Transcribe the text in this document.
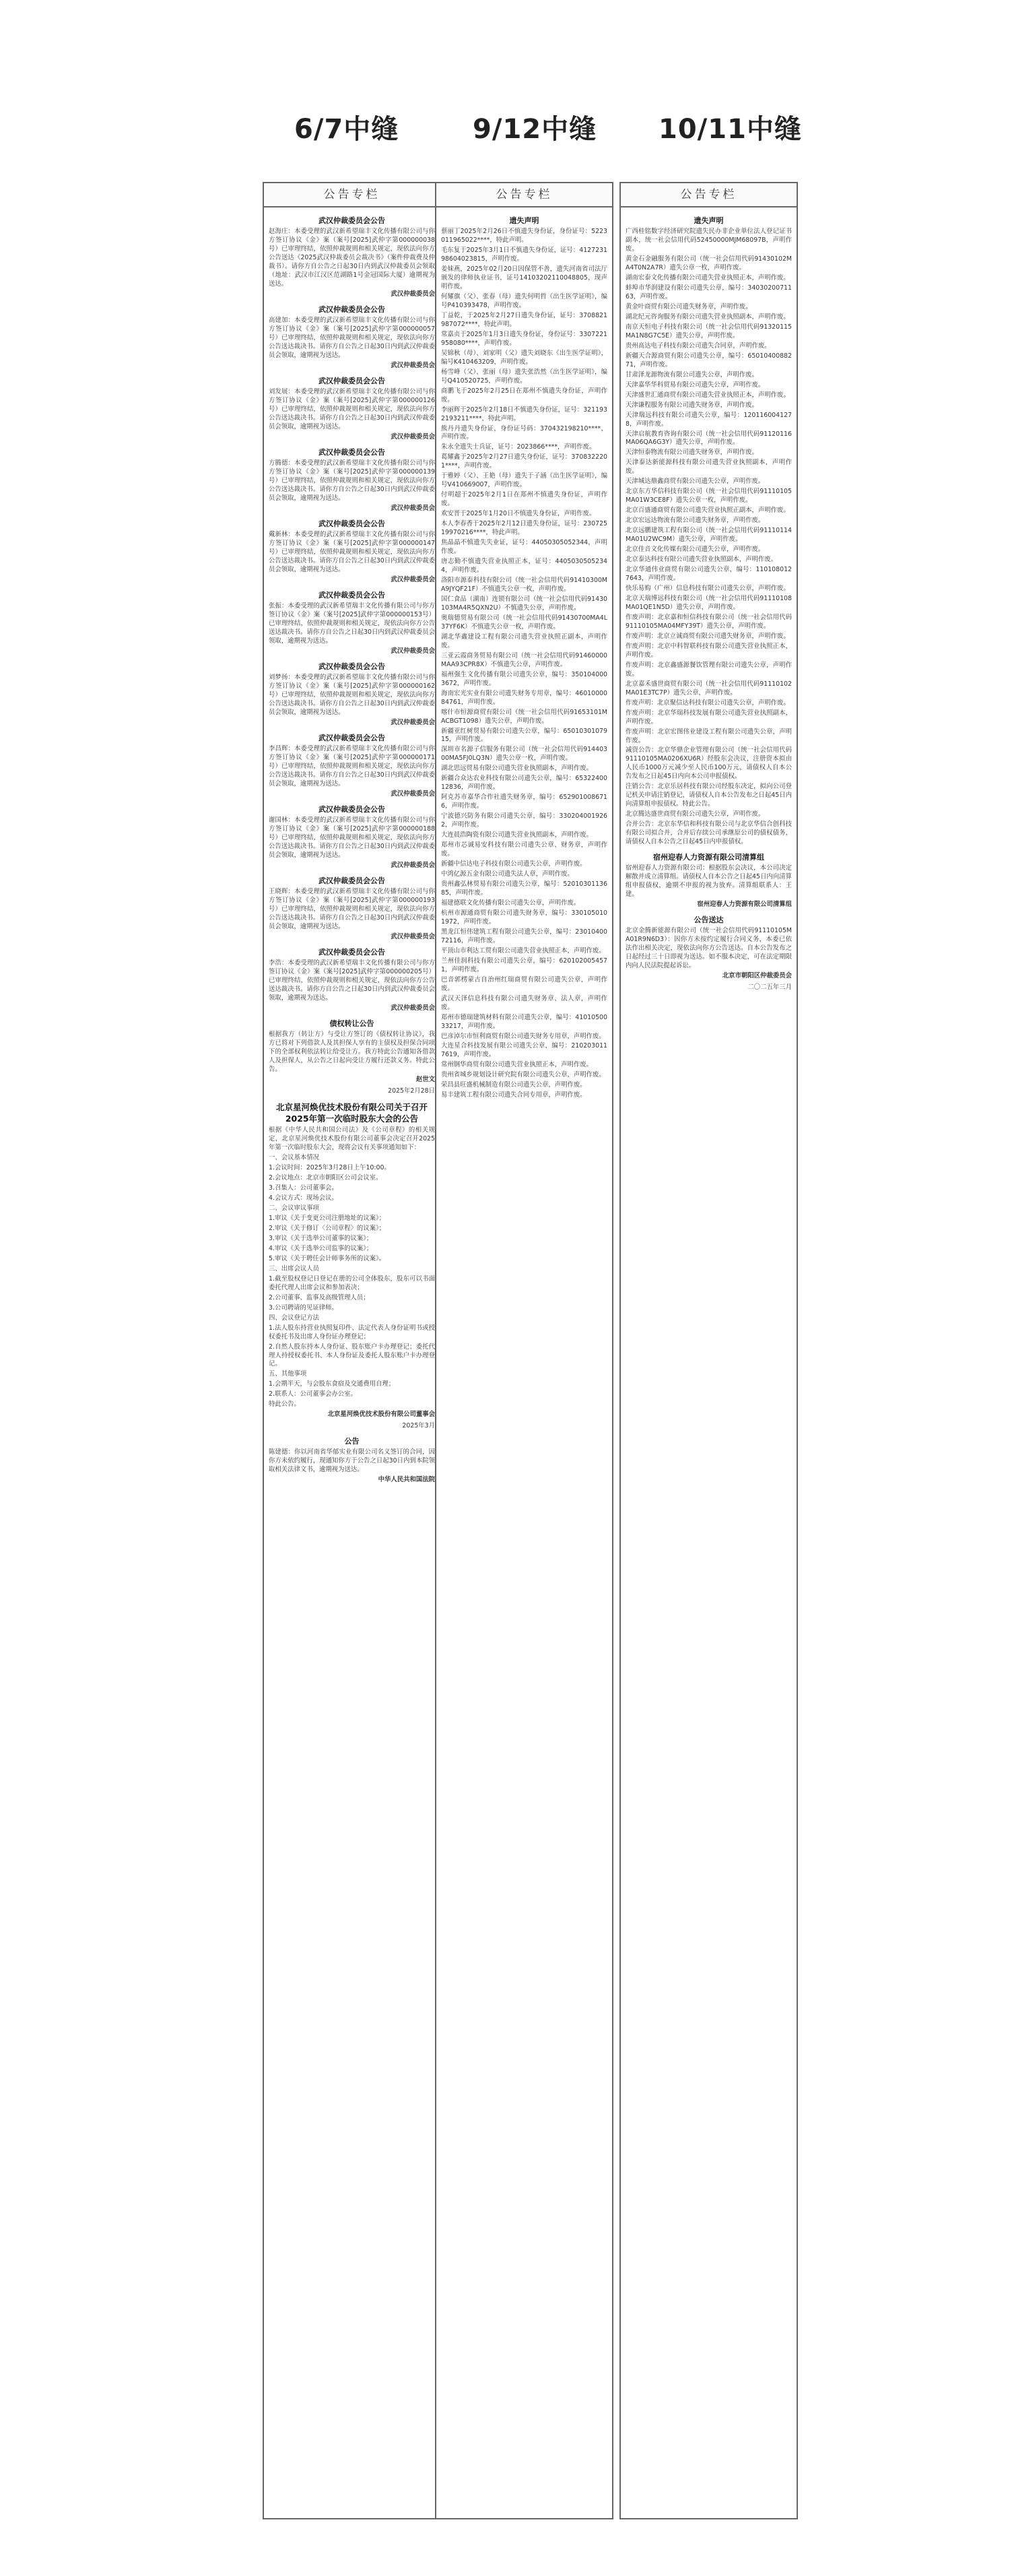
6/7中缝	9/12中缝 10/11中缝
公告专栏
武汉仲裁委员会公告
赵海庄：本委受理的武汉新希望瑞丰文化传播有限公司与你方签订协议《金》案（案号[2025]武仲字第000000038号）已审理终结，依照仲裁规则和相关规定，现依法向你方公告送达《2025武汉仲裁委员会裁决书》（案件仲裁费及仲裁书）。请你方自公告之日起30日内到武汉仲裁委员会领取（地址：武汉市江汉区范湖路1号金冠国际大厦）逾期视为送达。
武汉仲裁委员会
武汉仲裁委员会公告
高建加：本委受理的武汉新希望瑞丰文化传播有限公司与你方签订协议《金》案（案号[2025]武仲字第000000057号）已审理终结，依照仲裁规则和相关规定，现依法向你方公告送达裁决书。请你方自公告之日起30日内到武汉仲裁委员会领取，逾期视为送达。
武汉仲裁委员会
武汉仲裁委员会公告
刘发展：本委受理的武汉新希望瑞丰文化传播有限公司与你方签订协议《金》案（案号[2025]武仲字第000000126号）已审理终结，依照仲裁规则和相关规定，现依法向你方公告送达裁决书。请你方自公告之日起30日内到武汉仲裁委员会领取，逾期视为送达。
武汉仲裁委员会
武汉仲裁委员会公告
方腾德：本委受理的武汉新希望瑞丰文化传播有限公司与你方签订协议《金》案（案号[2025]武仲字第000000139号）已审理终结，依照仲裁规则和相关规定，现依法向你方公告送达裁决书。请你方自公告之日起30日内到武汉仲裁委员会领取，逾期视为送达。
武汉仲裁委员会
武汉仲裁委员会公告
戴新林：本委受理的武汉新希望瑞丰文化传播有限公司与你方签订协议《金》案（案号[2025]武仲字第000000147号）已审理终结，依照仲裁规则和相关规定，现依法向你方公告送达裁决书。请你方自公告之日起30日内到武汉仲裁委员会领取，逾期视为送达。
武汉仲裁委员会
武汉仲裁委员会公告
张振：本委受理的武汉新希望瑞丰文化传播有限公司与你方签订协议《金》案（案号[2025]武仲字第000000153号）已审理终结，依照仲裁规则和相关规定，现依法向你方公告送达裁决书。请你方自公告之日起30日内到武汉仲裁委员会领取，逾期视为送达。
武汉仲裁委员会
武汉仲裁委员会公告
刘梦扬：本委受理的武汉新希望瑞丰文化传播有限公司与你方签订协议《金》案（案号[2025]武仲字第000000162号）已审理终结，依照仲裁规则和相关规定，现依法向你方公告送达裁决书。请你方自公告之日起30日内到武汉仲裁委员会领取，逾期视为送达。
武汉仲裁委员会
武汉仲裁委员会公告
李昌辉：本委受理的武汉新希望瑞丰文化传播有限公司与你方签订协议《金》案（案号[2025]武仲字第000000171号）已审理终结，依照仲裁规则和相关规定，现依法向你方公告送达裁决书。请你方自公告之日起30日内到武汉仲裁委员会领取，逾期视为送达。
武汉仲裁委员会
武汉仲裁委员会公告
谢国林：本委受理的武汉新希望瑞丰文化传播有限公司与你方签订协议《金》案（案号[2025]武仲字第000000188号）已审理终结，依照仲裁规则和相关规定，现依法向你方公告送达裁决书。请你方自公告之日起30日内到武汉仲裁委员会领取，逾期视为送达。
武汉仲裁委员会
武汉仲裁委员会公告
王晓辉：本委受理的武汉新希望瑞丰文化传播有限公司与你方签订协议《金》案（案号[2025]武仲字第000000193号）已审理终结，依照仲裁规则和相关规定，现依法向你方公告送达裁决书。请你方自公告之日起30日内到武汉仲裁委员会领取，逾期视为送达。
武汉仲裁委员会
武汉仲裁委员会公告
李浩：本委受理的武汉新希望瑞丰文化传播有限公司与你方签订协议《金》案（案号[2025]武仲字第000000205号）已审理终结，依照仲裁规则和相关规定，现依法向你方公告送达裁决书。请你方自公告之日起30日内到武汉仲裁委员会领取，逾期视为送达。
武汉仲裁委员会
债权转让公告
根据我方（转让方）与受让方签订的《债权转让协议》，我方已将对下列借款人及其担保人享有的主债权及担保合同项下的全部权利依法转让给受让方。我方特此公告通知各借款人及担保人，从公告之日起向受让方履行还款义务。特此公告。
赵世文
2025年2月28日
北京星河焕优技术股份有限公司关于召开2025年第一次临时股东大会的公告
根据《中华人民共和国公司法》及《公司章程》的相关规定，北京星河焕优技术股份有限公司董事会决定召开2025年第一次临时股东大会，现将会议有关事项通知如下：
一、会议基本情况
1.会议时间：2025年3月28日上午10:00。
2.会议地点：北京市朝阳区公司会议室。
3.召集人：公司董事会。
4.会议方式：现场会议。
二、会议审议事项
1.审议《关于变更公司注册地址的议案》；
2.审议《关于修订〈公司章程〉的议案》；
3.审议《关于选举公司董事的议案》；
4.审议《关于选举公司监事的议案》；
5.审议《关于聘任会计师事务所的议案》。
三、出席会议人员
1.截至股权登记日登记在册的公司全体股东，股东可以书面委托代理人出席会议和参加表决；
2.公司董事、监事及高级管理人员；
3.公司聘请的见证律师。
四、会议登记方法
1.法人股东持营业执照复印件、法定代表人身份证明书或授权委托书及出席人身份证办理登记；
2.自然人股东持本人身份证、股东账户卡办理登记；委托代理人持授权委托书、本人身份证及委托人股东账户卡办理登记。
五、其他事项
1.会期半天，与会股东食宿及交通费用自理；
2.联系人：公司董事会办公室。
特此公告。
北京星河焕优技术股份有限公司董事会
2025年3月
公告
陈建德：你以河南省华郁实业有限公司名义签订的合同，因你方未依约履行，现通知你方于公告之日起30日内到本院领取相关法律文书，逾期视为送达。
中华人民共和国法院
公告专栏
遗失声明
蔡丽丁2025年2月26日不慎遗失身份证，身份证号：5223011965022****，特此声明。
毛东复于2025年3月1日不慎遗失身份证，证号：412723198604023815，声明作废。
姜妹燕，2025年02月20日因保管不善，遗失河南省司法厅颁发的律师执业证书，证号14103202110048805，现声明作废。
何耀旗（父）、张春（母）遗失何明哲《出生医学证明》，编号P410393478，声明作废。
丁益乾，于2025年2月27日遗失身份证，证号：3708821987072****，特此声明。
常嘉贞于2025年1月3日遗失身份证，身份证号：3307221958080****，声明作废。
吴锦秋（母）、刘家明（父）遗失刘晓东《出生医学证明》，编号K410463209，声明作废。
杨雪峰（父）、张丽（母）遗失张浩然《出生医学证明》，编号Q410520725，声明作废。
商鹏飞于2025年2月25日在郑州不慎遗失身份证，声明作废。
李丽辉于2025年2月18日不慎遗失身份证，证号：3211932193211****，特此声明。
熊丹丹遗失身份证，身份证号码：370432198210****，声明作废。
朱永全遗失士兵证，证号：2023866****，声明作废。
葛耀鑫于2025年2月27日遗失身份证，证号：3708322201****，声明作废。
于雅婷（父）、王艳（母）遗失于子涵《出生医学证明》，编号V410669007，声明作废。
付明超于2025年2月1日在郑州不慎遗失身份证，声明作废。
欢安晋于2025年1月20日不慎遗失身份证，声明作废。
本人李春香于2025年2月12日遗失身份证，证号：23072519970216****，特此声明。
焦晶晶不慎遗失失业证，证号：44050305052344，声明作废。
唐志勤不慎遗失营业执照正本，证号：44050305052344，声明作废。
洛阳市源泰科技有限公司（统一社会信用代码91410300MA9JYQF21F）不慎遗失公章一枚，声明作废。
国仁食品（湖南）连锁有限公司（统一社会信用代码91430103MA4R5QXN2U）不慎遗失公章，声明作废。
奥瑞德贸易有限公司（统一社会信用代码91430700MA4L37YF6K）不慎遗失公章一枚，声明作废。
湖北华鑫建设工程有限公司遗失营业执照正副本，声明作废。
三亚云霞商务贸易有限公司（统一社会信用代码91460000MAA93CPR8X）不慎遗失公章，声明作废。
福州强生文化传播有限公司遗失公章，编号：3501040003672，声明作废。
海南宏光实业有限公司遗失财务专用章，编号：4601000084761，声明作废。
喀什市恒源商贸有限公司（统一社会信用代码91653101MACBGT1098）遗失公章，声明作废。
新疆亚红树贸易有限公司遗失公章，编号：6501030107915，声明作废。
深圳市名源子信服务有限公司（统一社会信用代码91440300MA5FJ0LQ3N）遗失公章一枚，声明作废。
湖北思远贸易有限公司遗失营业执照副本，声明作废。
新疆合众达农业科技有限公司遗失公章，编号：6532240012836，声明作废。
阿克苏市嘉华合作社遗失财务章，编号：6529010086716，声明作废。
宁波德兴防务有限公司遗失公章，编号：3302040019262，声明作废。
大连晨浩陶瓷有限公司遗失营业执照副本，声明作废。
郑州市芯诚易安科技有限公司遗失公章、财务章，声明作废。
新疆中信达电子科技有限公司遗失公章，声明作废。
中鸿亿源五金有限公司遗失法人章，声明作废。
贵州鑫弘林贸易有限公司遗失公章，编号：5201030113685，声明作废。
福建德联文化传播有限公司遗失公章，声明作废。
杭州市源通商贸有限公司遗失财务章，编号：3301050101972，声明作废。
黑龙江恒伟建筑工程有限公司遗失公章，编号：2301040072116，声明作废。
平顶山市利达工贸有限公司遗失营业执照正本，声明作废。
兰州佳润科技有限公司遗失公章，编号：6201020054571，声明作废。
巴音郭楞蒙古自治州红瑞商贸有限公司遗失公章，声明作废。
武汉天泽信息科技有限公司遗失财务章、法人章，声明作废。
郑州市德瑞建筑材料有限公司遗失公章，编号：4101050033217，声明作废。
巴彦淖尔市恒利商贸有限公司遗失财务专用章，声明作废。
大连星合科技发展有限公司遗失公章，编号：2102030117619，声明作废。
常州钢华商贸有限公司遗失营业执照正本，声明作废。
贵州省城乡规划设计研究院有限公司遗失公章，声明作废。
荣昌县旺盛机械制造有限公司遗失公章，声明作废。
易丰建筑工程有限公司遗失合同专用章，声明作废。
公告专栏
遗失声明
广西桂铭数字经济研究院遗失民办非企业单位法人登记证书副本，统一社会信用代码52450000MJM68097B，声明作废。
黄金石金融服务有限公司（统一社会信用代码91430102MA4T0N2A7R）遗失公章一枚，声明作废。
湖南宏泰文化传播有限公司遗失营业执照正本，声明作废。
蚌埠市华润建设有限公司遗失公章，编号：3403020071163，声明作废。
黄金叶商贸有限公司遗失财务章，声明作废。
湖北纪元咨询服务有限公司遗失营业执照副本，声明作废。
南京天恒电子科技有限公司（统一社会信用代码91320115MA1N8G7C5E）遗失公章，声明作废。
贵州高达电子科技有限公司遗失合同章，声明作废。
新疆天合源商贸有限公司遗失公章，编号：6501040088271，声明作废。
甘肃泽龙源物流有限公司遗失公章，声明作废。
天津嘉华华科贸易有限公司遗失公章，声明作废。
天津盛世汇通商贸有限公司遗失营业执照正本，声明作废。
天津谦程服务有限公司遗失财务章，声明作废。
天津瑞远科技有限公司遗失公章，编号：1201160041278，声明作废。
天津启航教育咨询有限公司（统一社会信用代码91120116MA06QA6G3Y）遗失公章，声明作废。
天津恒泰物流有限公司遗失财务章，声明作废。
天津泰达新能源科技有限公司遗失营业执照副本，声明作废。
天津城达鼎鑫商贸有限公司遗失公章，声明作废。
北京东方华信科技有限公司（统一社会信用代码91110105MA01W3CE8F）遗失公章一枚，声明作废。
北京百盛通商贸有限公司遗失营业执照正副本，声明作废。
北京宏远达物流有限公司遗失财务章，声明作废。
北京远鹏建筑工程有限公司（统一社会信用代码91110114MA01U2WC9M）遗失公章，声明作废。
北京佳音文化传媒有限公司遗失公章，声明作废。
北京泰达科技有限公司遗失营业执照副本，声明作废。
北京华通伟业商贸有限公司遗失公章，编号：1101080127643，声明作废。
快乐易购（广州）信息科技有限公司遗失公章，声明作废。
北京天瑞博远科技有限公司（统一社会信用代码91110108MA01QE1N5D）遗失公章，声明作废。
作废声明：北京嘉和恒信科技有限公司（统一社会信用代码91110105MA04MFY39T）遗失公章，声明作废。
作废声明：北京立诚商贸有限公司遗失财务章，声明作废。
作废声明：北京中科智联科技有限公司遗失营业执照正本，声明作废。
作废声明：北京鑫盛源餐饮管理有限公司遗失公章，声明作废。
北京嘉禾盛世商贸有限公司（统一社会信用代码91110102MA01E3TC7P）遗失公章，声明作废。
作废声明：北京聚信达科技有限公司遗失公章，声明作废。
作废声明：北京华瑞科技发展有限公司遗失营业执照副本，声明作废。
作废声明：北京宏图伟业建设工程有限公司遗失公章，声明作废。
减资公告：北京华鼎企业管理有限公司（统一社会信用代码91110105MA0206XU6R）经股东会决议，注册资本拟由人民币1000万元减少至人民币100万元，请债权人自本公告发布之日起45日内向本公司申报债权。
注销公告：北京乐居科技有限公司经股东决定，拟向公司登记机关申请注销登记，请债权人自本公告发布之日起45日内向清算组申报债权。特此公告。
北京腾达盛世商贸有限公司遗失公章，声明作废。
合并公告：北京东华信和科技有限公司与北京华信合创科技有限公司拟合并，合并后存续公司承继原公司的债权债务，请债权人自本公告之日起45日内申报债权。
宿州迎春人力资源有限公司清算组
宿州迎春人力资源有限公司：根据股东会决议，本公司决定解散并成立清算组。请债权人自本公告之日起45日内向清算组申报债权，逾期不申报的视为放弃。清算组联系人：王建。
宿州迎春人力资源有限公司清算组
公告送达
北京金腾新能源有限公司（统一社会信用代码91110105MA01R9N6D3）：因你方未按约定履行合同义务，本委已依法作出相关决定，现依法向你方公告送达。自本公告发布之日起经过三十日即视为送达。如不服本决定，可在法定期限内向人民法院提起诉讼。
北京市朝阳区仲裁委员会
二〇二五年三月
